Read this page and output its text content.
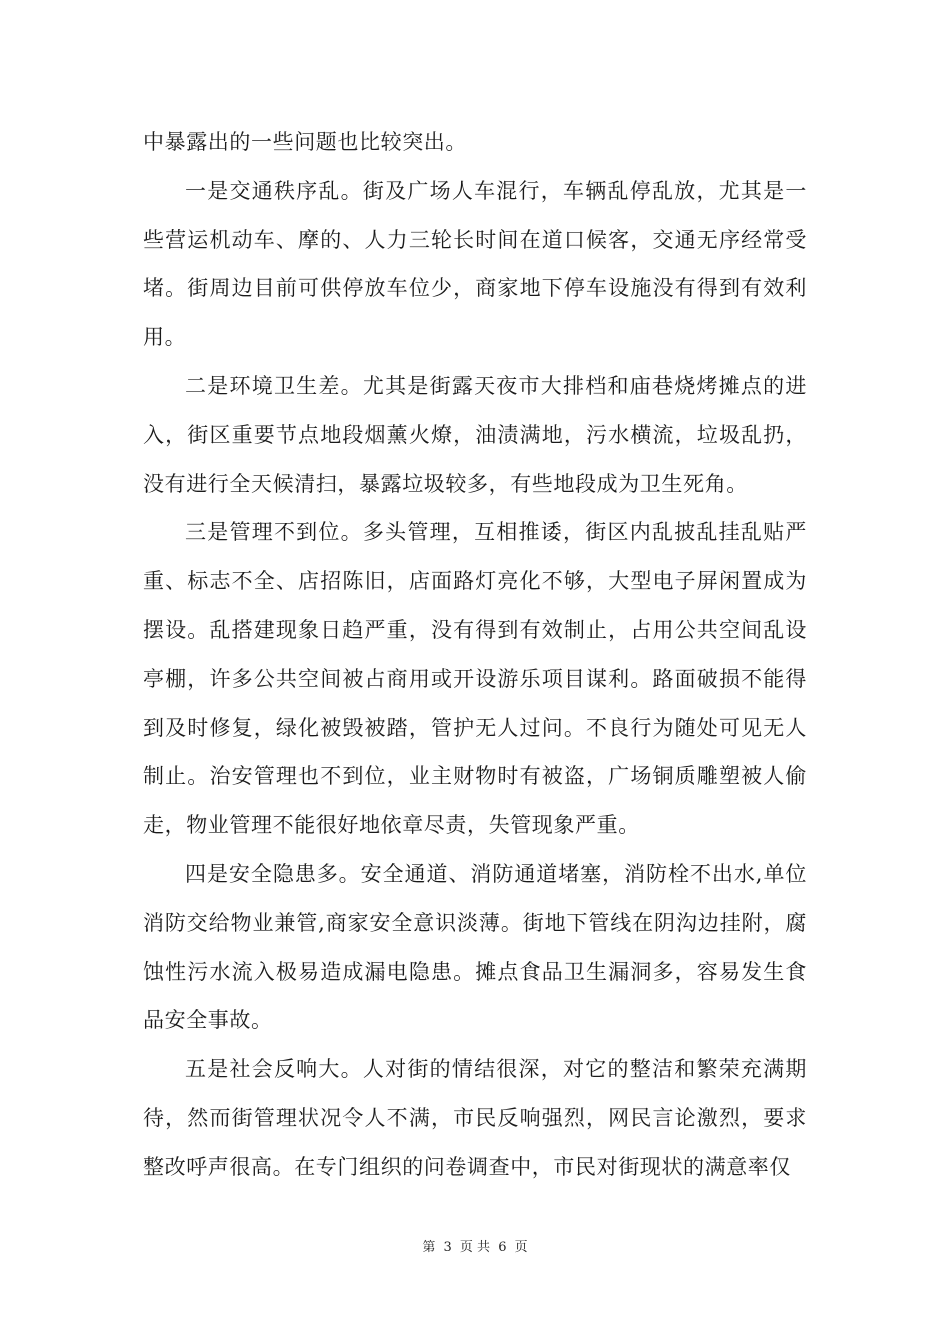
中暴露出的一些问题也比较突出。

一是交通秩序乱。街及广场人车混行，车辆乱停乱放，尤其是一些营运机动车、摩的、人力三轮长时间在道口候客，交通无序经常受堵。街周边目前可供停放车位少，商家地下停车设施没有得到有效利用。

二是环境卫生差。尤其是街露天夜市大排档和庙巷烧烤摊点的进入，街区重要节点地段烟薰火燎，油渍满地，污水横流，垃圾乱扔，没有进行全天候清扫，暴露垃圾较多，有些地段成为卫生死角。

三是管理不到位。多头管理，互相推诿，街区内乱披乱挂乱贴严重、标志不全、店招陈旧，店面路灯亮化不够，大型电子屏闲置成为摆设。乱搭建现象日趋严重，没有得到有效制止，占用公共空间乱设亭棚，许多公共空间被占商用或开设游乐项目谋利。路面破损不能得到及时修复，绿化被毁被踏，管护无人过问。不良行为随处可见无人制止。治安管理也不到位，业主财物时有被盗，广场铜质雕塑被人偷走，物业管理不能很好地依章尽责，失管现象严重。

四是安全隐患多。安全通道、消防通道堵塞，消防栓不出水,单位消防交给物业兼管,商家安全意识淡薄。街地下管线在阴沟边挂附，腐蚀性污水流入极易造成漏电隐患。摊点食品卫生漏洞多，容易发生食品安全事故。

五是社会反响大。人对街的情结很深，对它的整洁和繁荣充满期待，然而街管理状况令人不满，市民反响强烈，网民言论激烈，要求整改呼声很高。在专门组织的问卷调查中，市民对街现状的满意率仅

第 3 页 共 6 页
